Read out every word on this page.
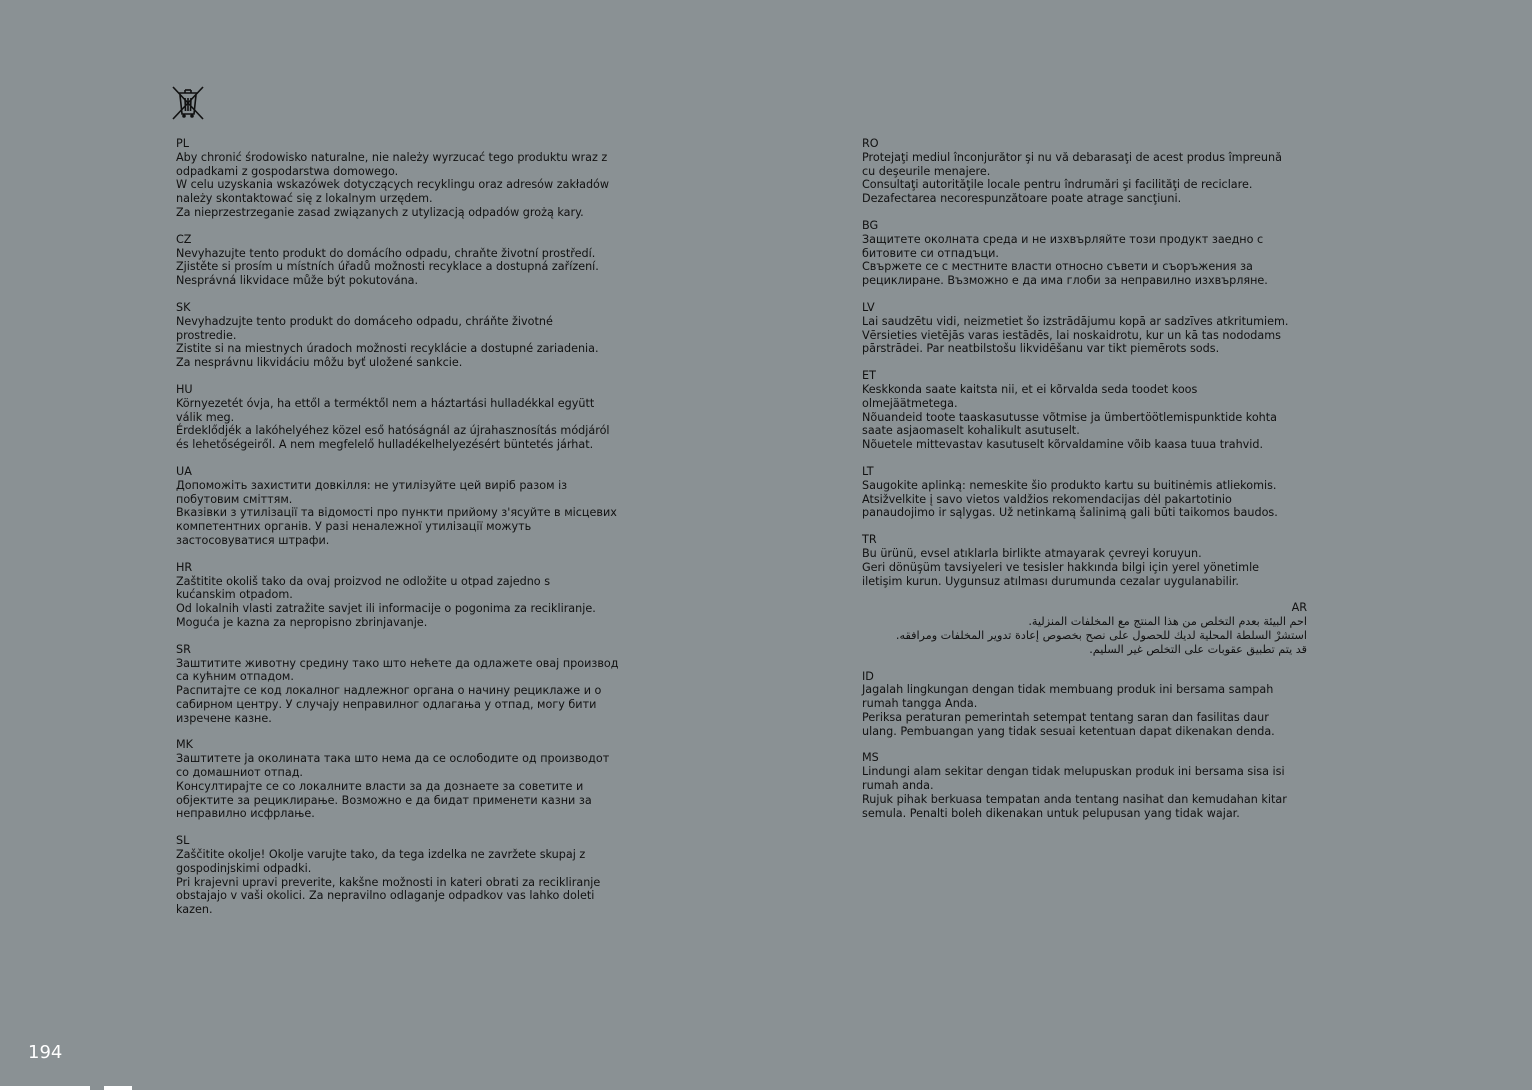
PL
Aby chronić środowisko naturalne, nie należy wyrzucać tego produktu wraz z
odpadkami z gospodarstwa domowego.
W celu uzyskania wskazówek dotyczących recyklingu oraz adresów zakładów
należy skontaktować się z lokalnym urzędem.
Za nieprzestrzeganie zasad związanych z utylizacją odpadów grożą kary.
CZ
Nevyhazujte tento produkt do domácího odpadu, chraňte životní prostředí.
Zjistěte si prosím u místních úřadů možnosti recyklace a dostupná zařízení.
Nesprávná likvidace může být pokutována.
SK
Nevyhadzujte tento produkt do domáceho odpadu, chráňte životné
prostredie.
Zistite si na miestnych úradoch možnosti recyklácie a dostupné zariadenia.
Za nesprávnu likvidáciu môžu byť uložené sankcie.
HU
Környezetét óvja, ha ettől a terméktől nem a háztartási hulladékkal együtt
válik meg.
Érdeklődjék a lakóhelyéhez közel eső hatóságnál az újrahasznosítás módjáról
és lehetőségeiről. A nem megfelelő hulladékelhelyezésért büntetés járhat.
UA
Допоможіть захистити довкілля: не утилізуйте цей виріб разом із
побутовим сміттям.
Вказівки з утилізації та відомості про пункти прийому з'ясуйте в місцевих
компетентних органів. У разі неналежної утилізації можуть
застосовуватися штрафи.
HR
Zaštitite okoliš tako da ovaj proizvod ne odložite u otpad zajedno s
kućanskim otpadom.
Od lokalnih vlasti zatražite savjet ili informacije o pogonima za recikliranje.
Moguća je kazna za nepropisno zbrinjavanje.
SR
Заштитите животну средину тако што нећете да одлажете овај производ
са кућним отпадом.
Распитајте се код локалног надлежног органа о начину рециклаже и о
сабирном центру. У случају неправилног одлагања у отпад, могу бити
изречене казне.
MK
Заштитете ја околината така што нема да се ослободите од производот
со домашниот отпад.
Консултирајте се со локалните власти за да дознаете за советите и
објектите за рециклирање. Возможно е да бидат применети казни за
неправилно исфрлање.
SL
Zaščitite okolje! Okolje varujte tako, da tega izdelka ne zavržete skupaj z
gospodinjskimi odpadki.
Pri krajevni upravi preverite, kakšne možnosti in kateri obrati za recikliranje
obstajajo v vaši okolici. Za nepravilno odlaganje odpadkov vas lahko doleti
kazen.
RO
Protejaţi mediul înconjurător şi nu vă debarasaţi de acest produs împreună
cu deşeurile menajere.
Consultaţi autorităţile locale pentru îndrumări şi facilităţi de reciclare.
Dezafectarea necorespunzătoare poate atrage sancţiuni.
BG
Защитете околната среда и не изхвърляйте този продукт заедно с
битовите си отпадъци.
Свържете се с местните власти относно съвети и съоръжения за
рециклиране. Възможно е да има глоби за неправилно изхвърляне.
LV
Lai saudzētu vidi, neizmetiet šo izstrādājumu kopā ar sadzīves atkritumiem.
Vērsieties vietējās varas iestādēs, lai noskaidrotu, kur un kā tas nododams
pārstrādei. Par neatbilstošu likvidēšanu var tikt piemērots sods.
ET
Keskkonda saate kaitsta nii, et ei kõrvalda seda toodet koos
olmejäätmetega.
Nõuandeid toote taaskasutusse võtmise ja ümbertöötlemispunktide kohta
saate asjaomaselt kohalikult asutuselt.
Nõuetele mittevastav kasutuselt kõrvaldamine võib kaasa tuua trahvid.
LT
Saugokite aplinką: nemeskite šio produkto kartu su buitinėmis atliekomis.
Atsižvelkite į savo vietos valdžios rekomendacijas dėl pakartotinio
panaudojimo ir sąlygas. Už netinkamą šalinimą gali būti taikomos baudos.
TR
Bu ürünü, evsel atıklarla birlikte atmayarak çevreyi koruyun.
Geri dönüşüm tavsiyeleri ve tesisler hakkında bilgi için yerel yönetimle
iletişim kurun. Uygunsuz atılması durumunda cezalar uygulanabilir.
AR
احم البيئة بعدم التخلص من هذا المنتج مع المخلفات المنزلية.
استشرْ السلطة المحلية لديك للحصول على نصح بخصوص إعادة تدوير المخلفات ومرافقه.
قد يتم تطبيق عقوبات على التخلص غير السليم.
ID
Jagalah lingkungan dengan tidak membuang produk ini bersama sampah
rumah tangga Anda.
Periksa peraturan pemerintah setempat tentang saran dan fasilitas daur
ulang. Pembuangan yang tidak sesuai ketentuan dapat dikenakan denda.
MS
Lindungi alam sekitar dengan tidak melupuskan produk ini bersama sisa isi
rumah anda.
Rujuk pihak berkuasa tempatan anda tentang nasihat dan kemudahan kitar
semula. Penalti boleh dikenakan untuk pelupusan yang tidak wajar.
194
